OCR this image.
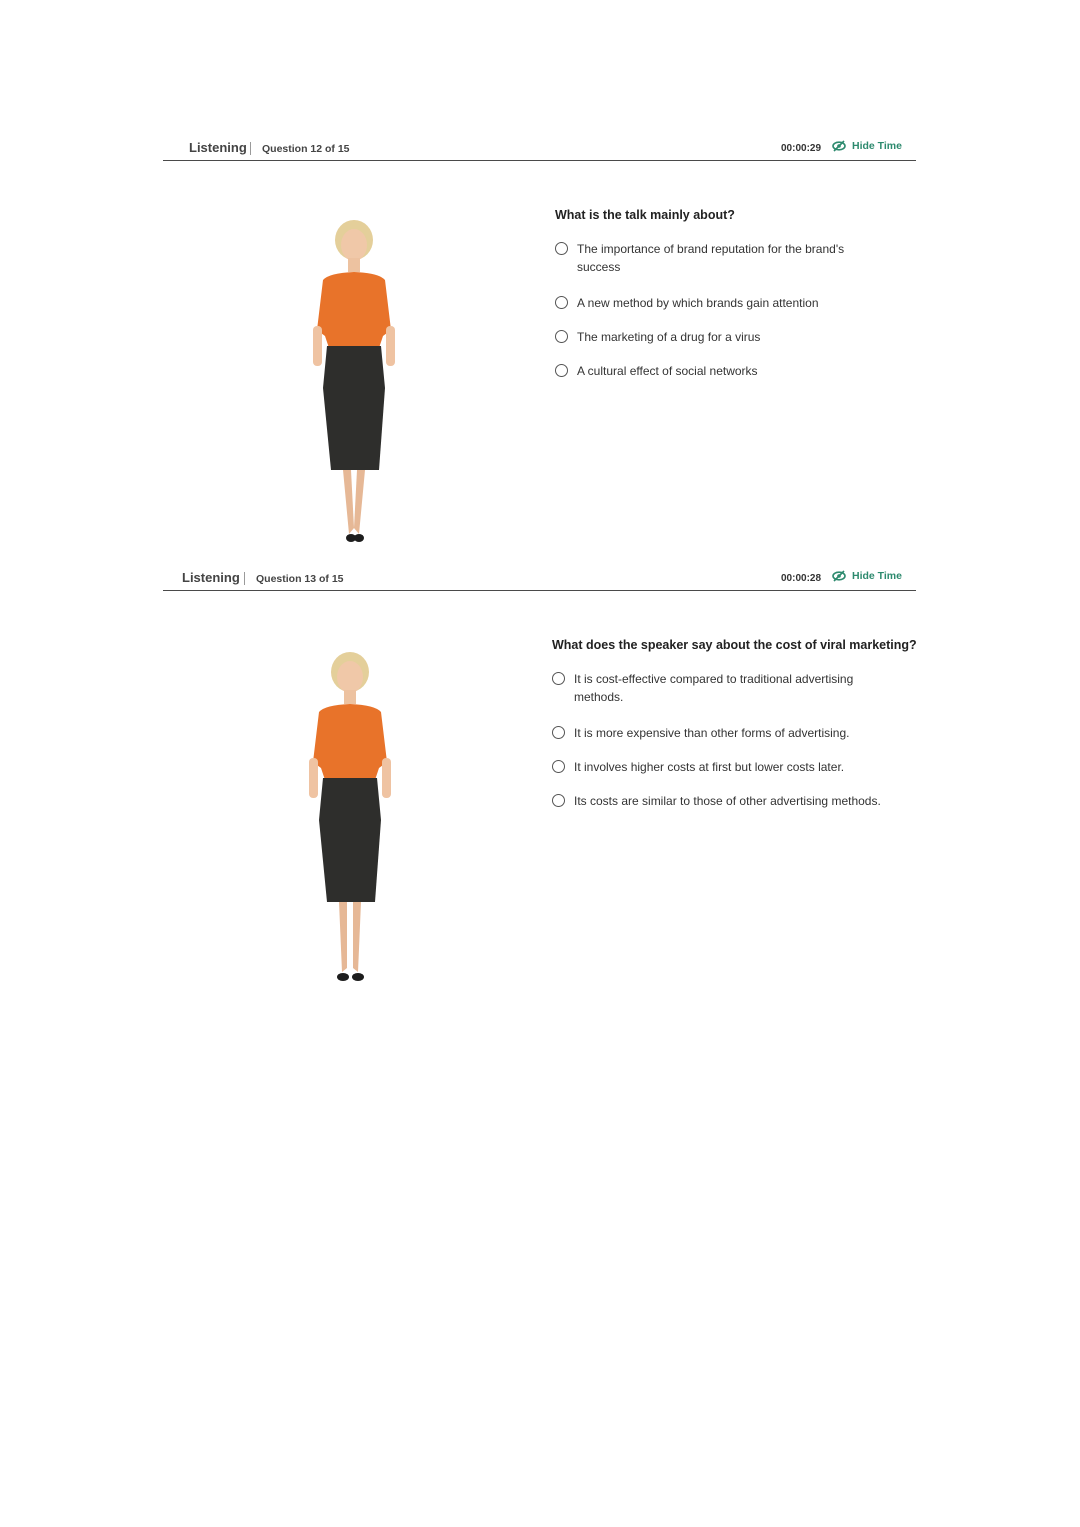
Listening Question 12 of 15	00:00:29	Hide Time

What is the talk mainly about?

The importance of brand reputation for the brand's success
A new method by which brands gain attention
The marketing of a drug for a virus
A cultural effect of social networks
Listening Question 13 of 15	00:00:28	Hide Time

What does the speaker say about the cost of viral marketing?

It is cost-effective compared to traditional advertising methods.
It is more expensive than other forms of advertising.
It involves higher costs at first but lower costs later.
Its costs are similar to those of other advertising methods.
